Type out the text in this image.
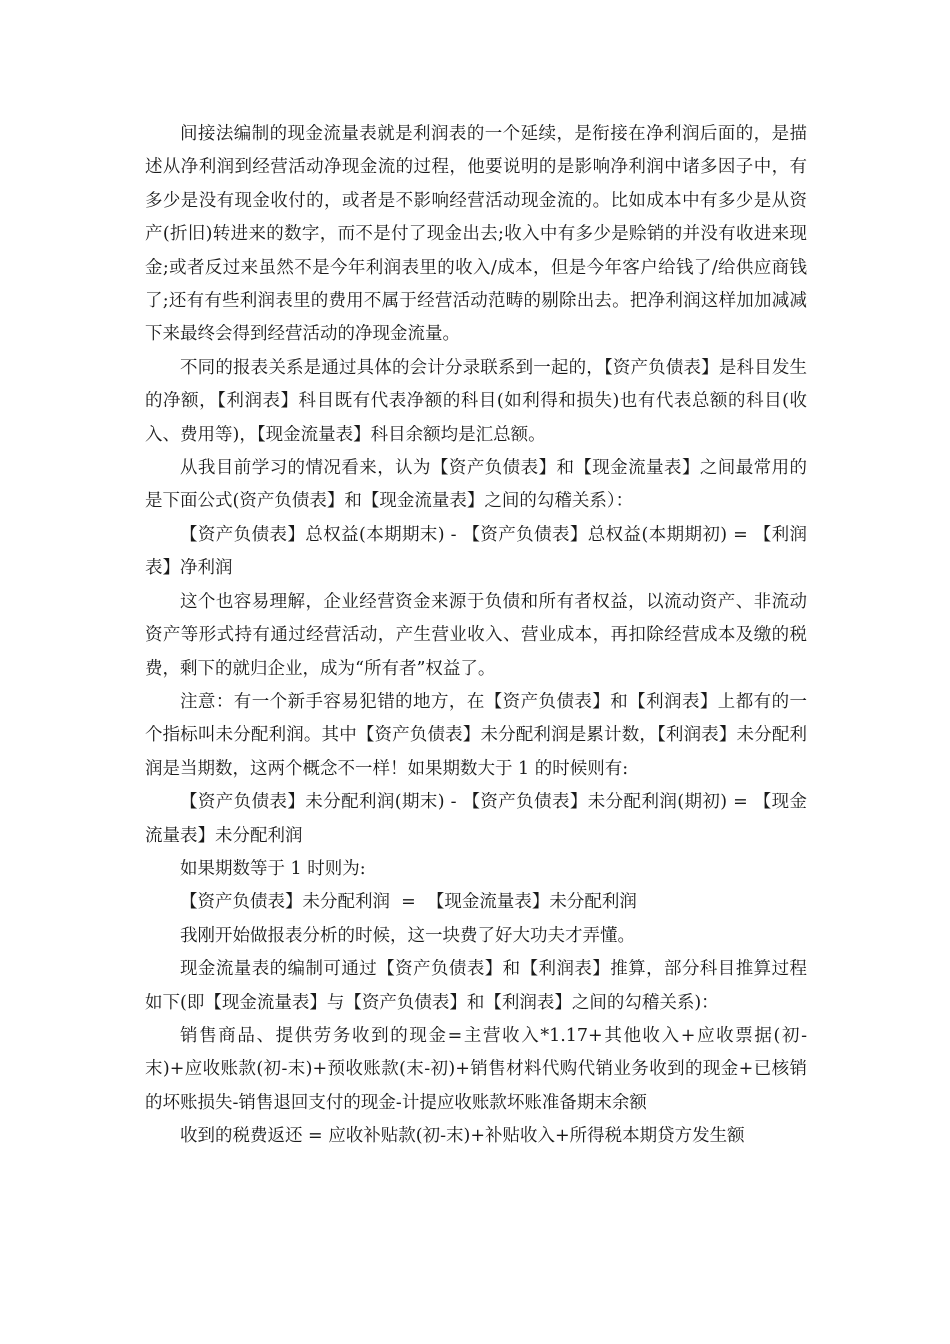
间接法编制的现金流量表就是利润表的一个延续，是衔接在净利润后面的，是描述从净利润到经营活动净现金流的过程，他要说明的是影响净利润中诸多因子中，有多少是没有现金收付的，或者是不影响经营活动现金流的。比如成本中有多少是从资产(折旧)转进来的数字，而不是付了现金出去;收入中有多少是赊销的并没有收进来现金;或者反过来虽然不是今年利润表里的收入/成本，但是今年客户给钱了/给供应商钱了;还有有些利润表里的费用不属于经营活动范畴的剔除出去。把净利润这样加加减减下来最终会得到经营活动的净现金流量。

不同的报表关系是通过具体的会计分录联系到一起的，【资产负债表】是科目发生的净额，【利润表】科目既有代表净额的科目(如利得和损失)也有代表总额的科目(收入、费用等)，【现金流量表】科目余额均是汇总额。

从我目前学习的情况看来，认为【资产负债表】和【现金流量表】之间最常用的是下面公式(资产负债表】和【现金流量表】之间的勾稽关系）：

【资产负债表】总权益(本期期末) - 【资产负债表】总权益(本期期初) = 【利润表】净利润

这个也容易理解，企业经营资金来源于负债和所有者权益，以流动资产、非流动资产等形式持有通过经营活动，产生营业收入、营业成本，再扣除经营成本及缴的税费，剩下的就归企业，成为“所有者”权益了。

注意：有一个新手容易犯错的地方，在【资产负债表】和【利润表】上都有的一个指标叫未分配利润。其中【资产负债表】未分配利润是累计数，【利润表】未分配利润是当期数，这两个概念不一样！如果期数大于 1 的时候则有:

【资产负债表】未分配利润(期末) - 【资产负债表】未分配利润(期初) = 【现金流量表】未分配利润

如果期数等于 1 时则为:

【资产负债表】未分配利润  =  【现金流量表】未分配利润

我刚开始做报表分析的时候，这一块费了好大功夫才弄懂。

现金流量表的编制可通过【资产负债表】和【利润表】推算，部分科目推算过程如下(即【现金流量表】与【资产负债表】和【利润表】之间的勾稽关系)：

销售商品、提供劳务收到的现金=主营收入*1.17+其他收入+应收票据(初-末)+应收账款(初-末)+预收账款(末-初)+销售材料代购代销业务收到的现金+已核销的坏账损失-销售退回支付的现金-计提应收账款坏账准备期末余额

收到的税费返还 = 应收补贴款(初-末)+补贴收入+所得税本期贷方发生额
